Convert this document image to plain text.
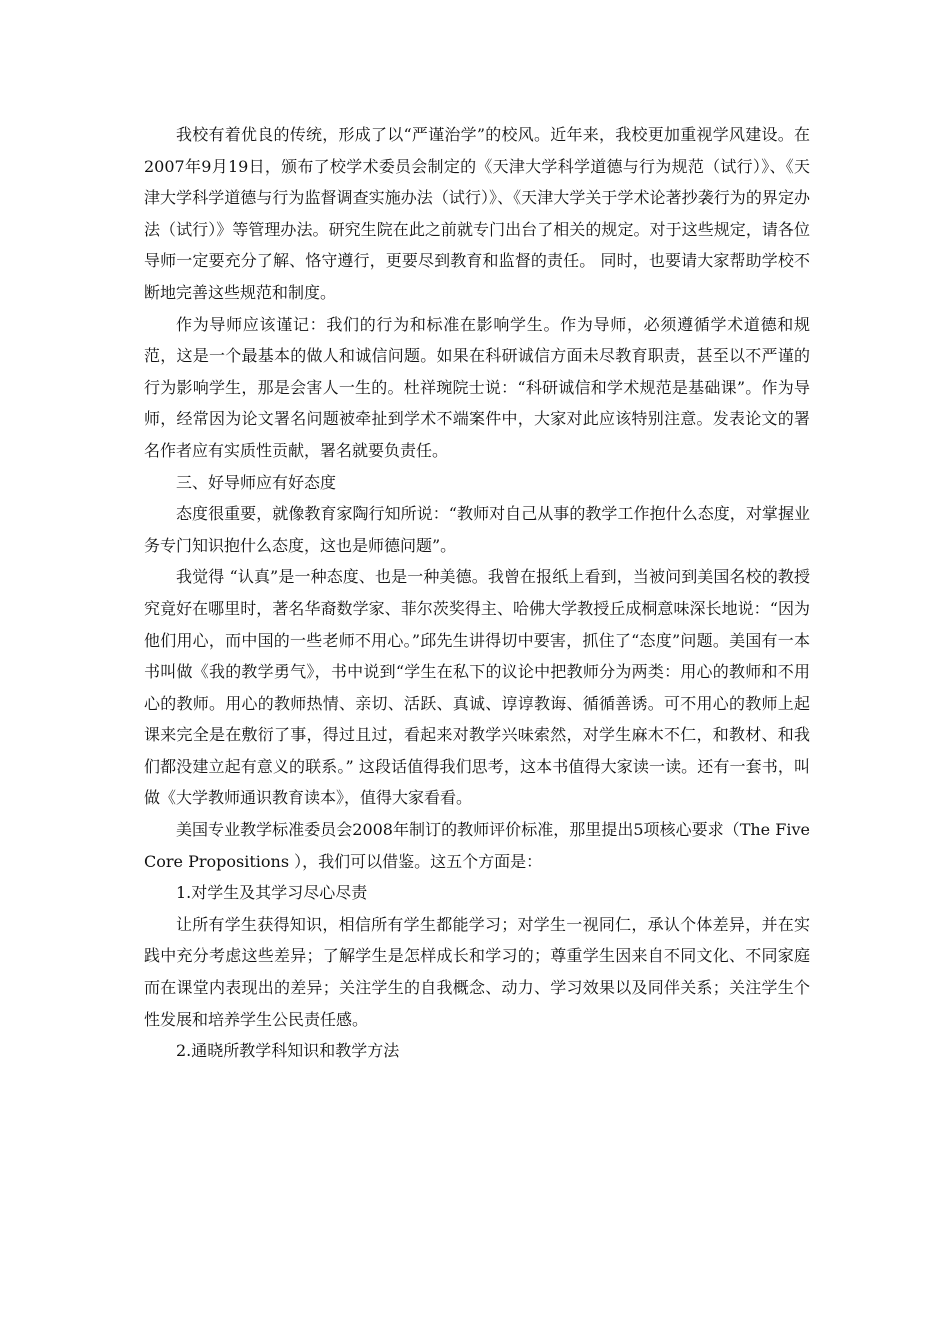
我校有着优良的传统，形成了以“严谨治学”的校风。近年来，我校更加重视学风建设。在2007年9月19日，颁布了校学术委员会制定的《天津大学科学道德与行为规范（试行）》、《天津大学科学道德与行为监督调查实施办法（试行）》、《天津大学关于学术论著抄袭行为的界定办法（试行）》等管理办法。研究生院在此之前就专门出台了相关的规定。对于这些规定，请各位导师一定要充分了解、恪守遵行，更要尽到教育和监督的责任。 同时，也要请大家帮助学校不断地完善这些规范和制度。

作为导师应该谨记：我们的行为和标准在影响学生。作为导师，必须遵循学术道德和规范，这是一个最基本的做人和诚信问题。如果在科研诚信方面未尽教育职责，甚至以不严谨的行为影响学生，那是会害人一生的。杜祥琬院士说：“科研诚信和学术规范是基础课”。作为导师，经常因为论文署名问题被牵扯到学术不端案件中，大家对此应该特别注意。发表论文的署名作者应有实质性贡献，署名就要负责任。

三、好导师应有好态度

态度很重要，就像教育家陶行知所说：“教师对自己从事的教学工作抱什么态度，对掌握业务专门知识抱什么态度，这也是师德问题”。

我觉得 “认真”是一种态度、也是一种美德。我曾在报纸上看到，当被问到美国名校的教授究竟好在哪里时，著名华裔数学家、菲尔茨奖得主、哈佛大学教授丘成桐意味深长地说：“因为他们用心，而中国的一些老师不用心。”邱先生讲得切中要害，抓住了“态度”问题。美国有一本书叫做《我的教学勇气》，书中说到“学生在私下的议论中把教师分为两类：用心的教师和不用心的教师。用心的教师热情、亲切、活跃、真诚、谆谆教诲、循循善诱。可不用心的教师上起课来完全是在敷衍了事，得过且过，看起来对教学兴味索然，对学生麻木不仁，和教材、和我们都没建立起有意义的联系。” 这段话值得我们思考，这本书值得大家读一读。还有一套书，叫做《大学教师通识教育读本》，值得大家看看。

美国专业教学标准委员会2008年制订的教师评价标准，那里提出5项核心要求（The Five Core Propositions ），我们可以借鉴。这五个方面是：

1.对学生及其学习尽心尽责

让所有学生获得知识，相信所有学生都能学习；对学生一视同仁，承认个体差异，并在实践中充分考虑这些差异；了解学生是怎样成长和学习的；尊重学生因来自不同文化、不同家庭而在课堂内表现出的差异；关注学生的自我概念、动力、学习效果以及同伴关系；关注学生个性发展和培养学生公民责任感。

2.通晓所教学科知识和教学方法
